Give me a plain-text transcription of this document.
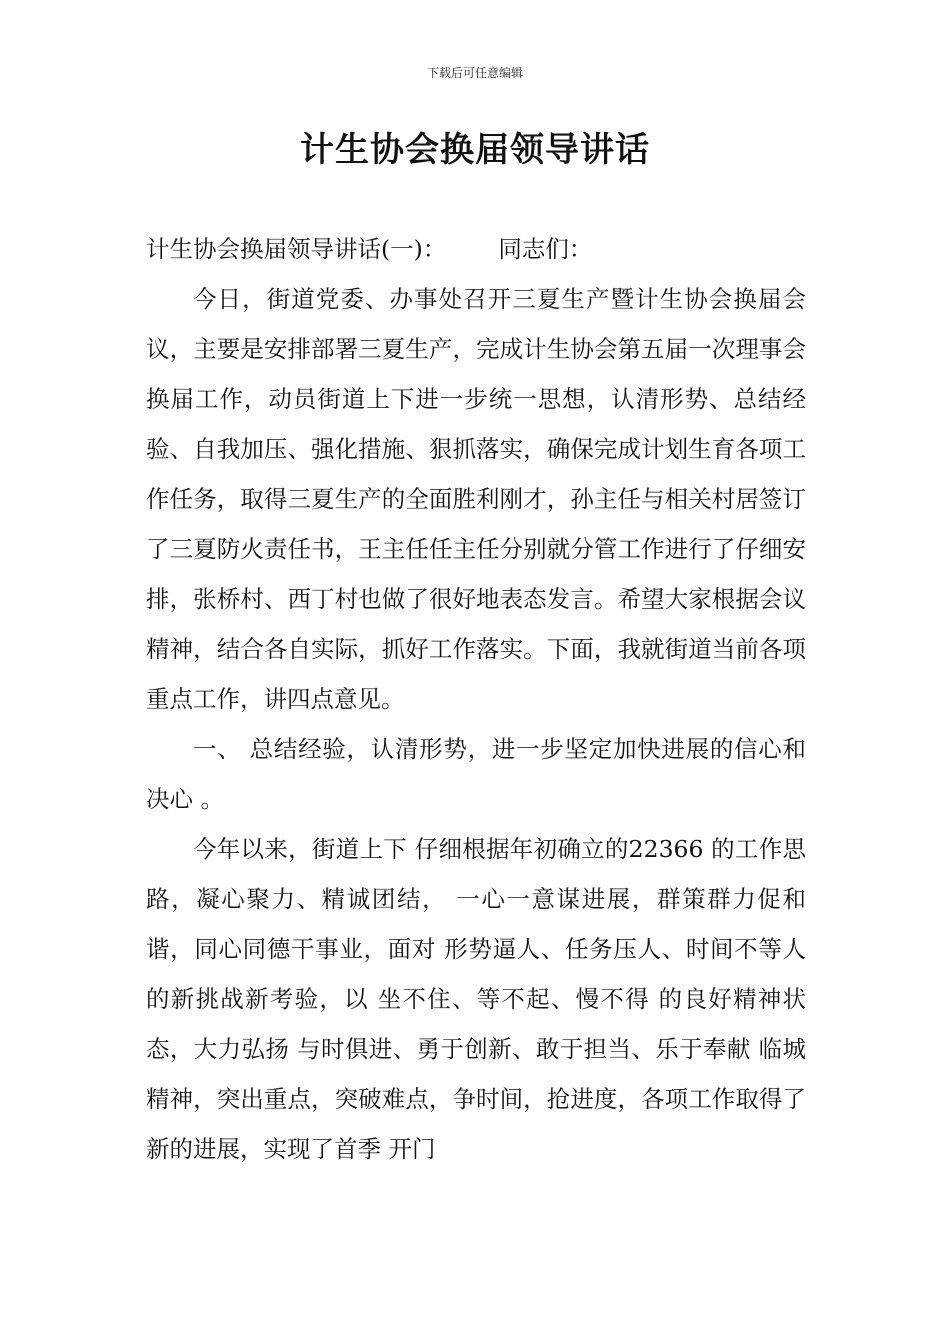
下载后可任意编辑
计生协会换届领导讲话

计生协会换届领导讲话(一)： 同志们：

今日，街道党委、办事处召开三夏生产暨计生协会换届会议，主要是安排部署三夏生产，完成计生协会第五届一次理事会换届工作，动员街道上下进一步统一思想，认清形势、总结经验、自我加压、强化措施、狠抓落实，确保完成计划生育各项工作任务，取得三夏生产的全面胜利刚才，孙主任与相关村居签订了三夏防火责任书，王主任任主任分别就分管工作进行了仔细安排，张桥村、西丁村也做了很好地表态发言。希望大家根据会议精神，结合各自实际，抓好工作落实。下面，我就街道当前各项重点工作，讲四点意见。

一、 总结经验，认清形势，进一步坚定加快进展的信心和决心 。

今年以来，街道上下 仔细根据年初确立的22366 的工作思路，凝心聚力、精诚团结， 一心一意谋进展，群策群力促和谐，同心同德干事业，面对 形势逼人、任务压人、时间不等人 的新挑战新考验，以 坐不住、等不起、慢不得 的良好精神状态，大力弘扬 与时俱进、勇于创新、敢于担当、乐于奉献 临城精神，突出重点，突破难点，争时间，抢进度，各项工作取得了新的进展，实现了首季 开门
